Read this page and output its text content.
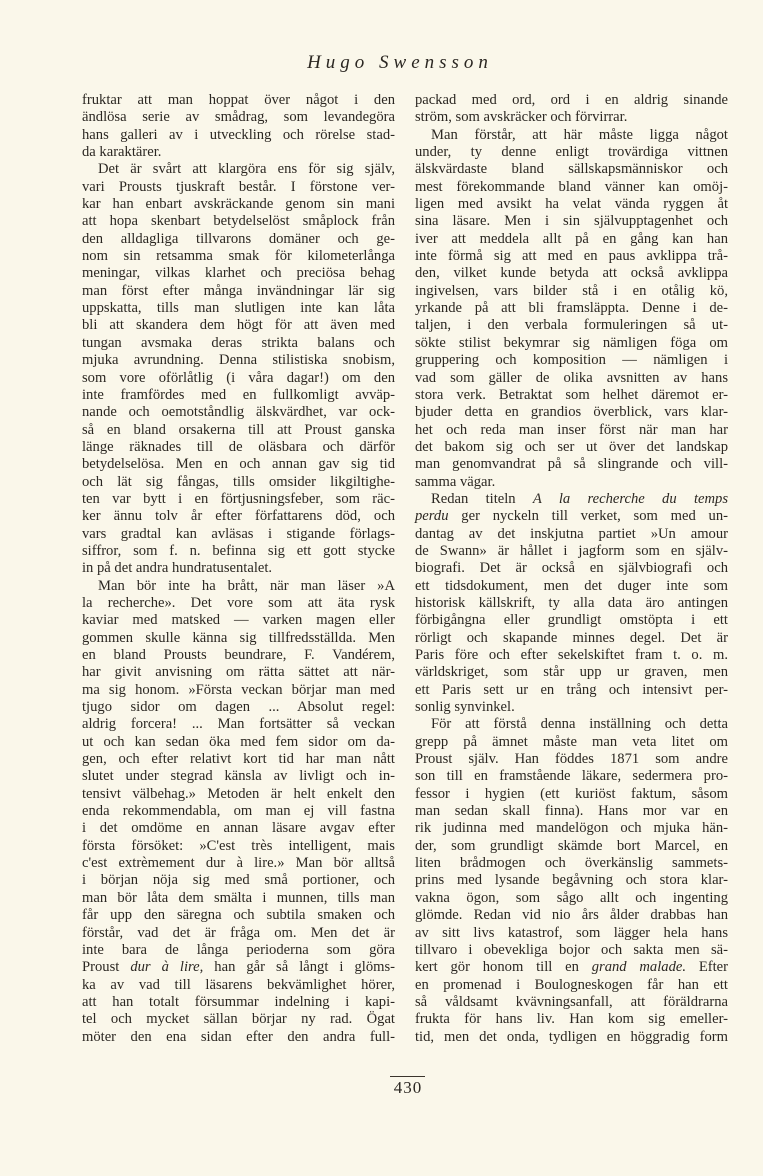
Hugo Swensson
fruktar att man hoppat över något i den
ändlösa serie av smådrag, som levandegöra
hans galleri av i utveckling och rörelse stad-
da karaktärer.
Det är svårt att klargöra ens för sig själv,
vari Prousts tjuskraft består. I förstone ver-
kar han enbart avskräckande genom sin mani
att hopa skenbart betydelselöst småplock från
den alldagliga tillvarons domäner och ge-
nom sin retsamma smak för kilometerlånga
meningar, vilkas klarhet och preciösa behag
man först efter många invändningar lär sig
uppskatta, tills man slutligen inte kan låta
bli att skandera dem högt för att även med
tungan avsmaka deras strikta balans och
mjuka avrundning. Denna stilistiska snobism,
som vore oförlåtlig (i våra dagar!) om den
inte framfördes med en fullkomligt avväp-
nande och oemotståndlig älskvärdhet, var ock-
så en bland orsakerna till att Proust ganska
länge räknades till de oläsbara och därför
betydelselösa. Men en och annan gav sig tid
och lät sig fångas, tills omsider likgiltighe-
ten var bytt i en förtjusningsfeber, som räc-
ker ännu tolv år efter författarens död, och
vars gradtal kan avläsas i stigande förlags-
siffror, som f. n. befinna sig ett gott stycke
in på det andra hundratusentalet.
Man bör inte ha brått, när man läser »A
la recherche». Det vore som att äta rysk
kaviar med matsked — varken magen eller
gommen skulle känna sig tillfredsställda. Men
en bland Prousts beundrare, F. Vandérem,
har givit anvisning om rätta sättet att när-
ma sig honom. »Första veckan börjar man med
tjugo sidor om dagen ... Absolut regel:
aldrig forcera! ... Man fortsätter så veckan
ut och kan sedan öka med fem sidor om da-
gen, och efter relativt kort tid har man nått
slutet under stegrad känsla av livligt och in-
tensivt välbehag.» Metoden är helt enkelt den
enda rekommendabla, om man ej vill fastna
i det omdöme en annan läsare avgav efter
första försöket: »C'est très intelligent, mais
c'est extrèmement dur à lire.» Man bör alltså
i början nöja sig med små portioner, och
man bör låta dem smälta i munnen, tills man
får upp den säregna och subtila smaken och
förstår, vad det är fråga om. Men det är
inte bara de långa perioderna som göra
Proust dur à lire, han går så långt i glöms-
ka av vad till läsarens bekvämlighet hörer,
att han totalt försummar indelning i kapi-
tel och mycket sällan börjar ny rad. Ögat
möter den ena sidan efter den andra full-
packad med ord, ord i en aldrig sinande
ström, som avskräcker och förvirrar.
Man förstår, att här måste ligga något
under, ty denne enligt trovärdiga vittnen
älskvärdaste bland sällskapsmänniskor och
mest förekommande bland vänner kan omöj-
ligen med avsikt ha velat vända ryggen åt
sina läsare. Men i sin självupptagenhet och
iver att meddela allt på en gång kan han
inte förmå sig att med en paus avklippa trå-
den, vilket kunde betyda att också avklippa
ingivelsen, vars bilder stå i en otålig kö,
yrkande på att bli framsläppta. Denne i de-
taljen, i den verbala formuleringen så ut-
sökte stilist bekymrar sig nämligen föga om
gruppering och komposition — nämligen i
vad som gäller de olika avsnitten av hans
stora verk. Betraktat som helhet däremot er-
bjuder detta en grandios överblick, vars klar-
het och reda man inser först när man har
det bakom sig och ser ut över det landskap
man genomvandrat på så slingrande och vill-
samma vägar.
Redan titeln A la recherche du temps
perdu ger nyckeln till verket, som med un-
dantag av det inskjutna partiet »Un amour
de Swann» är hållet i jagform som en själv-
biografi. Det är också en självbiografi och
ett tidsdokument, men det duger inte som
historisk källskrift, ty alla data äro antingen
förbigångna eller grundligt omstöpta i ett
rörligt och skapande minnes degel. Det är
Paris före och efter sekelskiftet fram t. o. m.
världskriget, som står upp ur graven, men
ett Paris sett ur en trång och intensivt per-
sonlig synvinkel.
För att förstå denna inställning och detta
grepp på ämnet måste man veta litet om
Proust själv. Han föddes 1871 som andre
son till en framstående läkare, sedermera pro-
fessor i hygien (ett kuriöst faktum, såsom
man sedan skall finna). Hans mor var en
rik judinna med mandelögon och mjuka hän-
der, som grundligt skämde bort Marcel, en
liten brådmogen och överkänslig sammets-
prins med lysande begåvning och stora klar-
vakna ögon, som sågo allt och ingenting
glömde. Redan vid nio års ålder drabbas han
av sitt livs katastrof, som lägger hela hans
tillvaro i obevekliga bojor och sakta men sä-
kert gör honom till en grand malade. Efter
en promenad i Boulogneskogen får han ett
så våldsamt kvävningsanfall, att föräldrarna
frukta för hans liv. Han kom sig emeller-
tid, men det onda, tydligen en höggradig form
430
